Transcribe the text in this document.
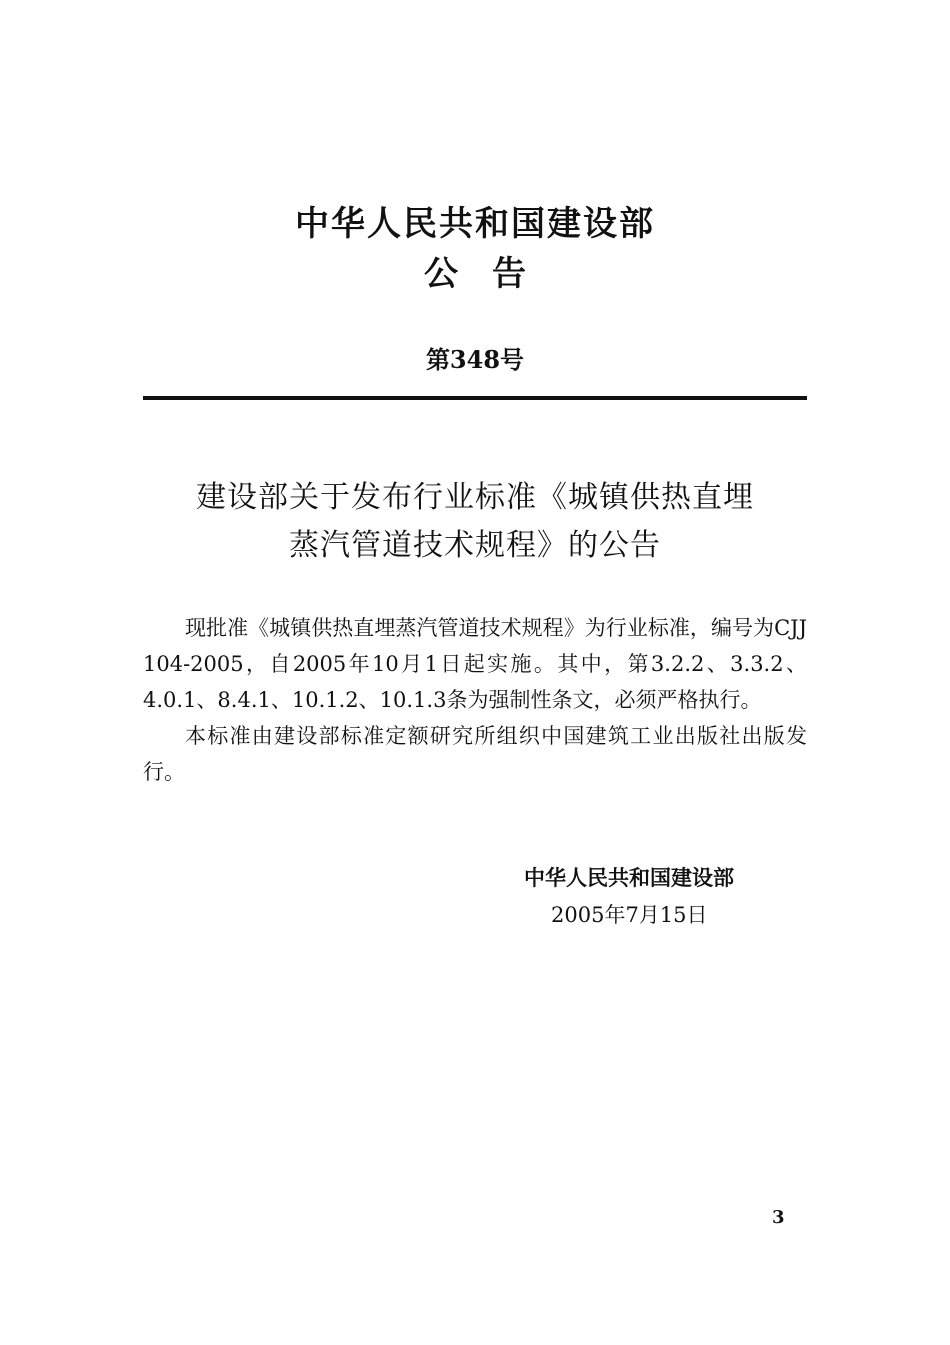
中华人民共和国建设部
公告
第348号
建设部关于发布行业标准《城镇供热直埋
蒸汽管道技术规程》的公告

现批准《城镇供热直埋蒸汽管道技术规程》为行业标准，编号为CJJ 104-2005，自2005年10月1日起实施。其中，第3.2.2、3.3.2、4.0.1、8.4.1、10.1.2、10.1.3条为强制性条文，必须严格执行。

本标准由建设部标准定额研究所组织中国建筑工业出版社出版发行。

中华人民共和国建设部
2005年7月15日
3
